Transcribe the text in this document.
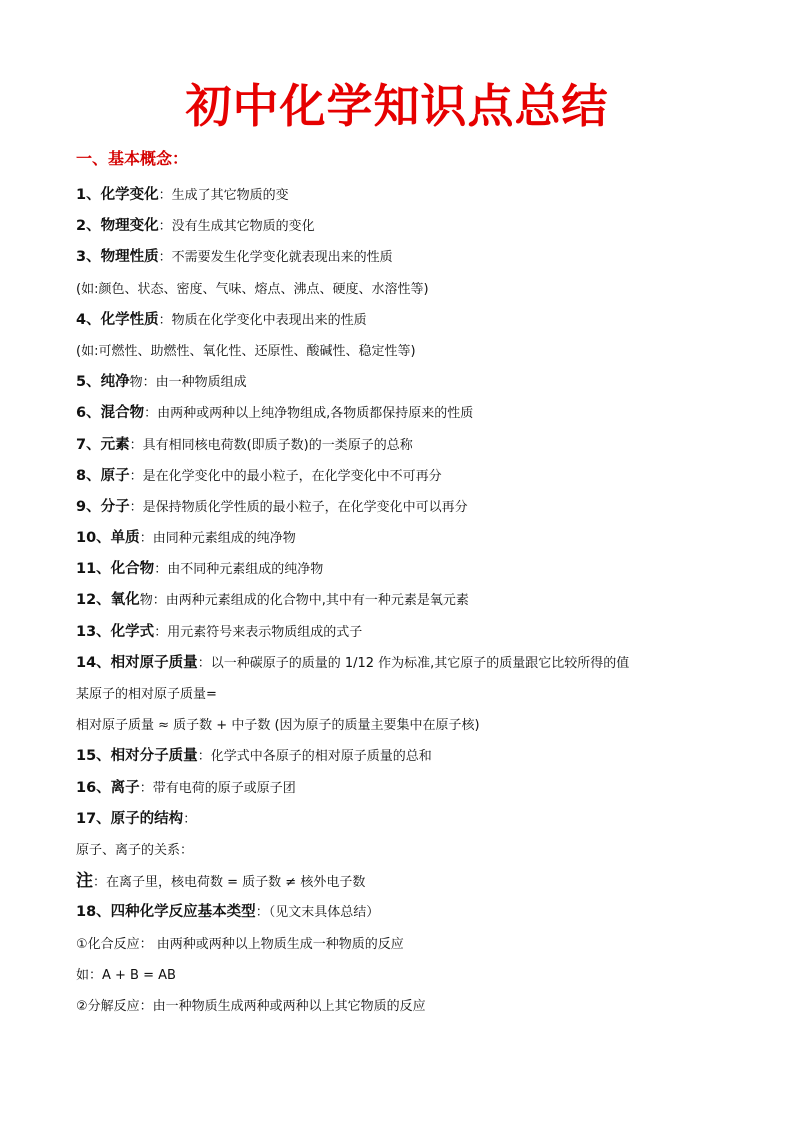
初中化学知识点总结
一、基本概念：
1、化学变化：生成了其它物质的变
2、物理变化：没有生成其它物质的变化
3、物理性质：不需要发生化学变化就表现出来的性质
(如:颜色、状态、密度、气味、熔点、沸点、硬度、水溶性等)
4、化学性质：物质在化学变化中表现出来的性质
(如:可燃性、助燃性、氧化性、还原性、酸碱性、稳定性等)
5、纯净物：由一种物质组成
6、混合物：由两种或两种以上纯净物组成,各物质都保持原来的性质
7、元素：具有相同核电荷数(即质子数)的一类原子的总称
8、原子：是在化学变化中的最小粒子，在化学变化中不可再分
9、分子：是保持物质化学性质的最小粒子，在化学变化中可以再分
10、单质：由同种元素组成的纯净物
11、化合物：由不同种元素组成的纯净物
12、氧化物：由两种元素组成的化合物中,其中有一种元素是氧元素
13、化学式：用元素符号来表示物质组成的式子
14、相对原子质量：以一种碳原子的质量的 1/12 作为标准,其它原子的质量跟它比较所得的值
某原子的相对原子质量=
相对原子质量 ≈ 质子数 + 中子数 (因为原子的质量主要集中在原子核)
15、相对分子质量：化学式中各原子的相对原子质量的总和
16、离子：带有电荷的原子或原子团
17、原子的结构：
原子、离子的关系：
注：在离子里，核电荷数 = 质子数 ≠ 核外电子数
18、四种化学反应基本类型：（见文末具体总结）
①化合反应： 由两种或两种以上物质生成一种物质的反应
如：A + B = AB
②分解反应：由一种物质生成两种或两种以上其它物质的反应
